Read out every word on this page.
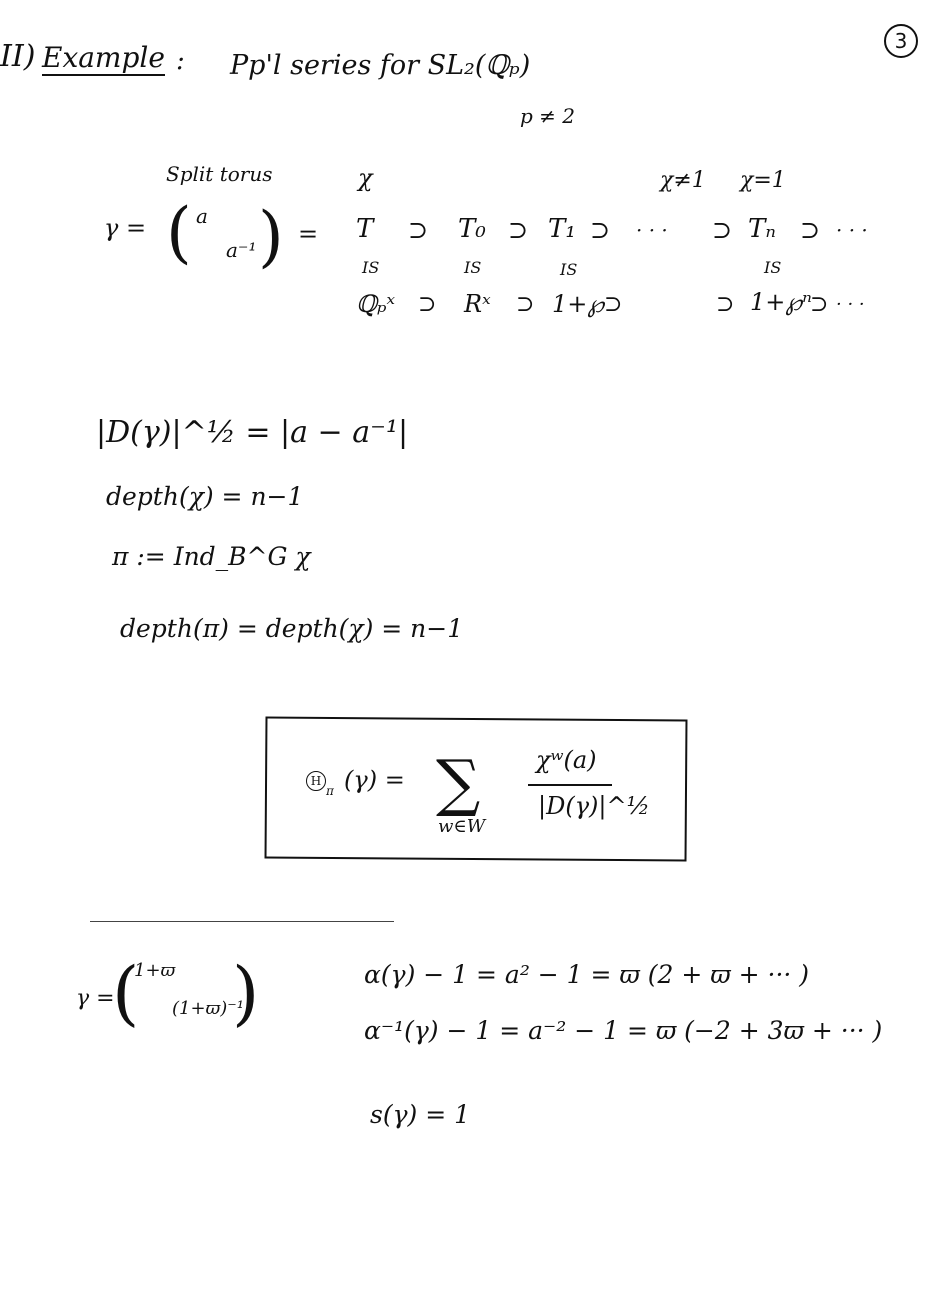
3
II) Example : Pp'l series for SL₂(ℚₚ)
p ≠ 2
Split torus	χ	χ≠1 χ=1
γ = ( a
a⁻¹ ) = T ⊃ T₀ ⊃ T₁ ⊃ · · · ⊃ Tₙ ⊃ · · ·
IS	IS	IS	IS
ℚₚˣ ⊃ Rˣ ⊃ 1+℘ ⊃	⊃ 1+℘ⁿ
⊃ · · ·
|D(γ)|^½ = |a − a⁻¹|
depth(χ) = n−1
π := Ind_B^G χ
depth(π) = depth(χ) = n−1
$H_\pi$ (γ) = ∑
w∈W
χʷ(a)
|D(γ)|^½
γ =
(
1+ϖ
(1+ϖ)⁻¹
)	α(γ) − 1 = a² − 1 = ϖ (2 + ϖ + ··· )
α⁻¹(γ) − 1 = a⁻² − 1 = ϖ (−2 + 3ϖ + ··· )
s(γ) = 1
